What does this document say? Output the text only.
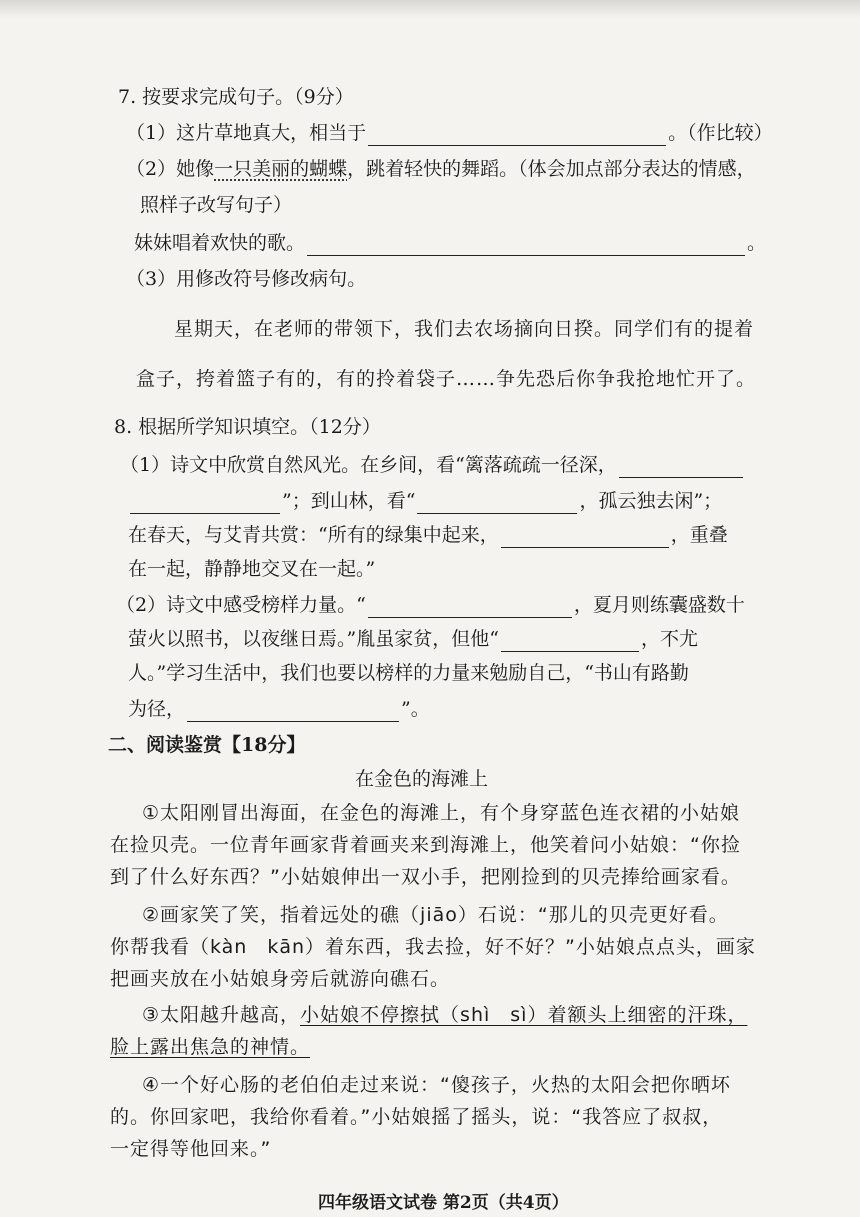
7. 按要求完成句子。（9分）
（1）这片草地真大，相当于	。（作比较）
（2）她像一只美丽的蝴蝶，跳着轻快的舞蹈。（体会加点部分表达的情感，
照样子改写句子）
妹妹唱着欢快的歌。	。
（3）用修改符号修改病句。
星期天，在老师的带领下，我们去农场摘向日揆。同学们有的提着
盒子，挎着篮子有的，有的拎着袋子……争先恐后你争我抢地忙开了。
8. 根据所学知识填空。（12分）
（1）诗文中欣赏自然风光。在乡间，看“篱落疏疏一径深，
”；到山林，看“	，孤云独去闲”；
在春天，与艾青共赏：“所有的绿集中起来，	，重叠
在一起，静静地交叉在一起。”
（2）诗文中感受榜样力量。“	，夏月则练囊盛数十
萤火以照书，以夜继日焉。”胤虽家贫，但他“	，不尤
人。”学习生活中，我们也要以榜样的力量来勉励自己，“书山有路勤
为径，	”。
二、阅读鉴赏【18分】
在金色的海滩上
①太阳刚冒出海面，在金色的海滩上，有个身穿蓝色连衣裙的小姑娘
在捡贝壳。一位青年画家背着画夹来到海滩上，他笑着问小姑娘：“你捡
到了什么好东西？”小姑娘伸出一双小手，把刚捡到的贝壳捧给画家看。
②画家笑了笑，指着远处的礁（jiāo）石说：“那儿的贝壳更好看。
你帮我看（kàn　kān）着东西，我去捡，好不好？”小姑娘点点头，画家
把画夹放在小姑娘身旁后就游向礁石。
③太阳越升越高，小姑娘不停擦拭（shì　sì）着额头上细密的汗珠，
脸上露出焦急的神情。
④一个好心肠的老伯伯走过来说：“傻孩子，火热的太阳会把你晒坏
的。你回家吧，我给你看着。”小姑娘摇了摇头，说：“我答应了叔叔，
一定得等他回来。”
四年级语文试卷 第2页（共4页）
